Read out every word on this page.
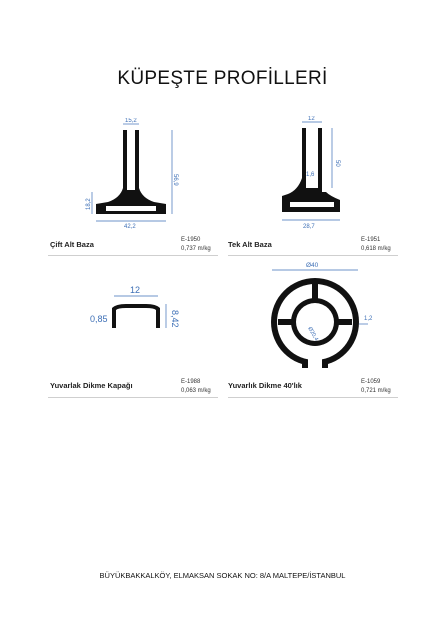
KÜPEŞTE PROFİLLERİ
15,2
56,9
18,2
42,2
Çift Alt Baza	E-1950
0,737 m/kg
12
50
1,6
28,7
Tek Alt Baza	E-1951
0,618 m/kg
12
0,85	8,42
Yuvarlak Dikme Kapağı	E-1988
0,063 m/kg
Ø40
Ø20,4
1,2
Yuvarlık Dikme 40'lık	E-1059
0,721 m/kg
BÜYÜKBAKKALKÖY, ELMAKSAN SOKAK NO: 8/A MALTEPE/İSTANBUL
